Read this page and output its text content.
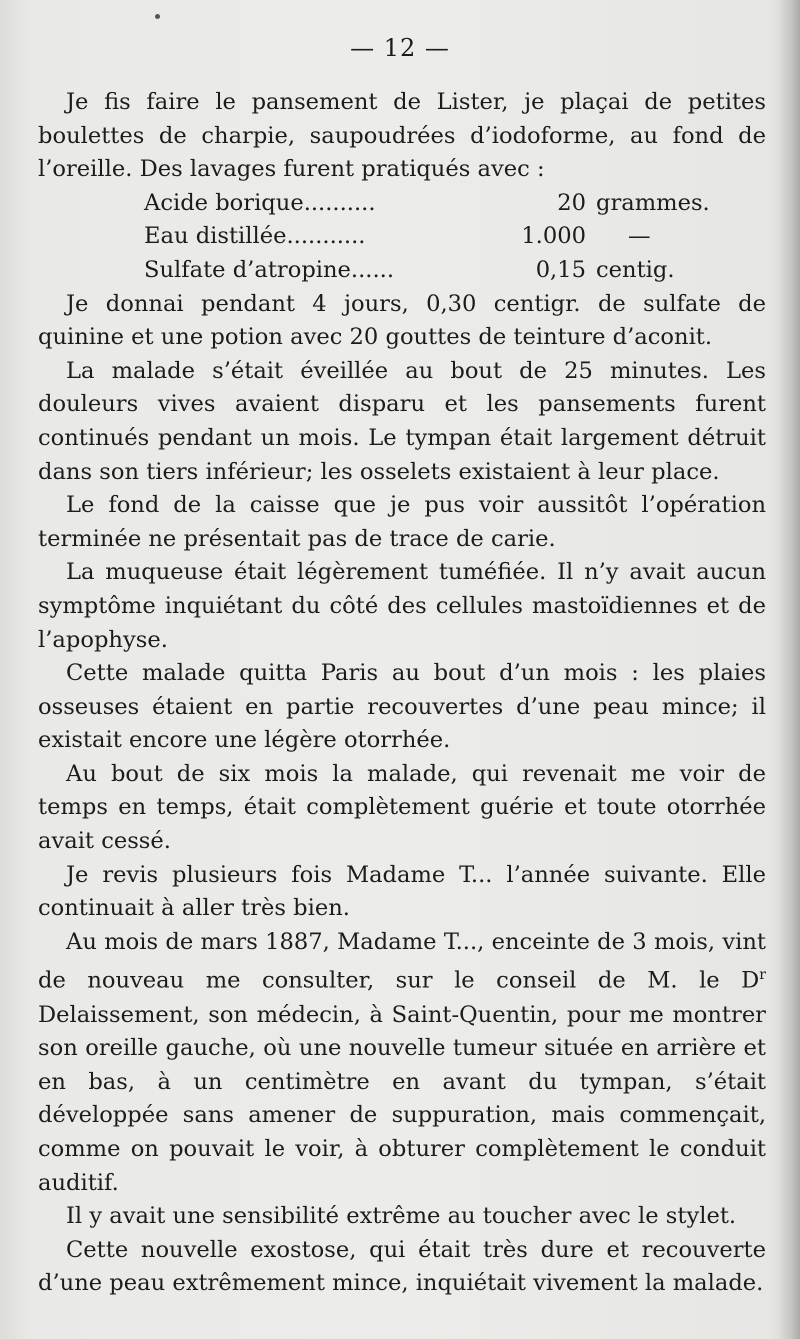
— 12 —

Je fis faire le pansement de Lister, je plaçai de petites boulettes de charpie, saupoudrées d’iodoforme, au fond de l’oreille. Des lavages furent pratiqués avec :

Acide borique..........	20 grammes.
Eau distillée...........	1.000	—
Sulfate d’atropine......	0,15 centig.

Je donnai pendant 4 jours, 0,30 centigr. de sulfate de quinine et une potion avec 20 gouttes de teinture d’aconit.

La malade s’était éveillée au bout de 25 minutes. Les douleurs vives avaient disparu et les pansements furent continués pendant un mois. Le tympan était largement détruit dans son tiers inférieur; les osselets existaient à leur place.

Le fond de la caisse que je pus voir aussitôt l’opération terminée ne présentait pas de trace de carie.

La muqueuse était légèrement tuméfiée. Il n’y avait aucun symptôme inquiétant du côté des cellules mastoïdiennes et de l’apophyse.

Cette malade quitta Paris au bout d’un mois : les plaies osseuses étaient en partie recouvertes d’une peau mince; il existait encore une légère otorrhée.

Au bout de six mois la malade, qui revenait me voir de temps en temps, était complètement guérie et toute otorrhée avait cessé.

Je revis plusieurs fois Madame T... l’année suivante. Elle continuait à aller très bien.

Au mois de mars 1887, Madame T..., enceinte de 3 mois, vint de nouveau me consulter, sur le conseil de M. le $D^r$ Delaissement, son médecin, à Saint-Quentin, pour me montrer son oreille gauche, où une nouvelle tumeur située en arrière et en bas, à un centimètre en avant du tympan, s’était développée sans amener de suppuration, mais commençait, comme on pouvait le voir, à obturer complètement le conduit auditif.

Il y avait une sensibilité extrême au toucher avec le stylet.

Cette nouvelle exostose, qui était très dure et recouverte d’une peau extrêmement mince, inquiétait vivement la malade.
